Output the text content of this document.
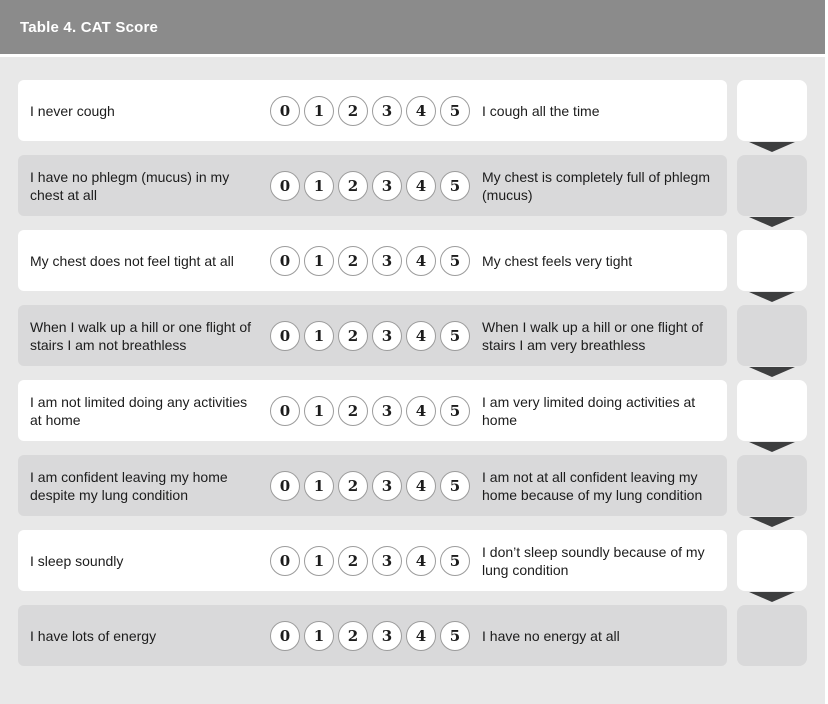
Table 4. CAT Score
I never cough	0	1	2	3	4	5	I cough all the time
I have no phlegm (mucus) in my chest at all	0	1	2	3	4	5	My chest is completely full of phlegm (mucus)
My chest does not feel tight at all	0	1	2	3	4	5	My chest feels very tight
When I walk up a hill or one flight of stairs I am not breathless	0	1	2	3	4	5	When I walk up a hill or one flight of stairs I am very breathless
I am not limited doing any activities at home	0	1	2	3	4	5	I am very limited doing activities at home
I am confident leaving my home despite my lung condition	0	1	2	3	4	5	I am not at all confident leaving my home because of my lung condition
I sleep soundly	0	1	2	3	4	5	I don’t sleep soundly because of my lung condition
I have lots of energy	0	1	2	3	4	5	I have no energy at all
